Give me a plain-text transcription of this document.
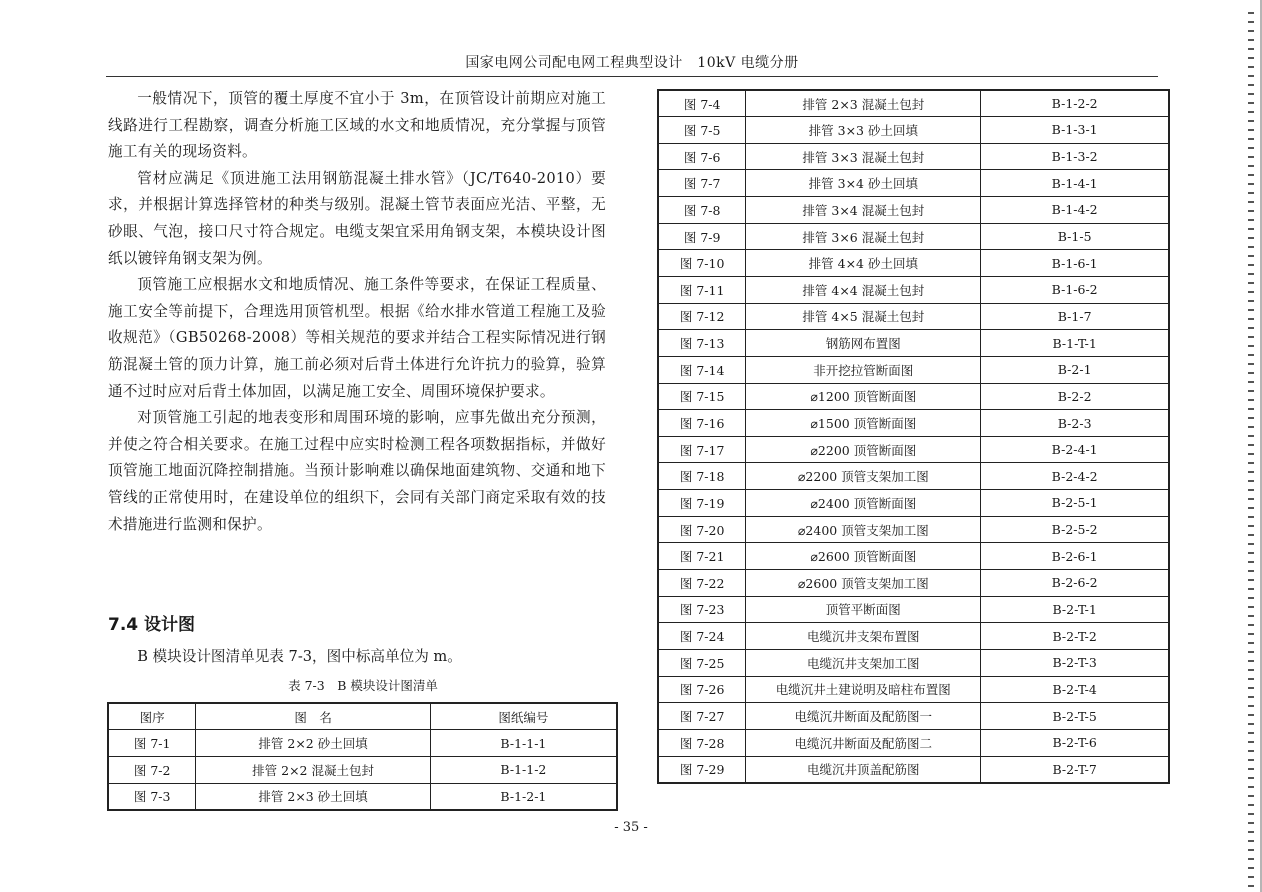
国家电网公司配电网工程典型设计　10kV 电缆分册

一般情况下，顶管的覆土厚度不宜小于 3m，在顶管设计前期应对施工线路进行工程勘察，调查分析施工区域的水文和地质情况，充分掌握与顶管施工有关的现场资料。

管材应满足《顶进施工法用钢筋混凝土排水管》（JC/T640-2010）要求，并根据计算选择管材的种类与级别。混凝土管节表面应光洁、平整，无砂眼、气泡，接口尺寸符合规定。电缆支架宜采用角钢支架，本模块设计图纸以镀锌角钢支架为例。

顶管施工应根据水文和地质情况、施工条件等要求，在保证工程质量、施工安全等前提下，合理选用顶管机型。根据《给水排水管道工程施工及验收规范》（GB50268-2008）等相关规范的要求并结合工程实际情况进行钢筋混凝土管的顶力计算，施工前必须对后背土体进行允许抗力的验算，验算通不过时应对后背土体加固，以满足施工安全、周围环境保护要求。

对顶管施工引起的地表变形和周围环境的影响，应事先做出充分预测，并使之符合相关要求。在施工过程中应实时检测工程各项数据指标，并做好顶管施工地面沉降控制措施。当预计影响难以确保地面建筑物、交通和地下管线的正常使用时，在建设单位的组织下，会同有关部门商定采取有效的技术措施进行监测和保护。

7.4 设计图
B 模块设计图清单见表 7-3，图中标高单位为 m。
表 7-3　B 模块设计图清单
图序	图　名	图纸编号
图 7-1	排管 2×2 砂土回填	B-1-1-1
图 7-2	排管 2×2 混凝土包封	B-1-1-2
图 7-3	排管 2×3 砂土回填	B-1-2-1
图 7-4	排管 2×3 混凝土包封	B-1-2-2
图 7-5	排管 3×3 砂土回填	B-1-3-1
图 7-6	排管 3×3 混凝土包封	B-1-3-2
图 7-7	排管 3×4 砂土回填	B-1-4-1
图 7-8	排管 3×4 混凝土包封	B-1-4-2
图 7-9	排管 3×6 混凝土包封	B-1-5
图 7-10	排管 4×4 砂土回填	B-1-6-1
图 7-11	排管 4×4 混凝土包封	B-1-6-2
图 7-12	排管 4×5 混凝土包封	B-1-7
图 7-13	钢筋网布置图	B-1-T-1
图 7-14	非开挖拉管断面图	B-2-1
图 7-15	⌀1200 顶管断面图	B-2-2
图 7-16	⌀1500 顶管断面图	B-2-3
图 7-17	⌀2200 顶管断面图	B-2-4-1
图 7-18	⌀2200 顶管支架加工图	B-2-4-2
图 7-19	⌀2400 顶管断面图	B-2-5-1
图 7-20	⌀2400 顶管支架加工图	B-2-5-2
图 7-21	⌀2600 顶管断面图	B-2-6-1
图 7-22	⌀2600 顶管支架加工图	B-2-6-2
图 7-23	顶管平断面图	B-2-T-1
图 7-24	电缆沉井支架布置图	B-2-T-2
图 7-25	电缆沉井支架加工图	B-2-T-3
图 7-26	电缆沉井土建说明及暗柱布置图	B-2-T-4
图 7-27	电缆沉井断面及配筋图一	B-2-T-5
图 7-28	电缆沉井断面及配筋图二	B-2-T-6
图 7-29	电缆沉井顶盖配筋图	B-2-T-7
- 35 -
